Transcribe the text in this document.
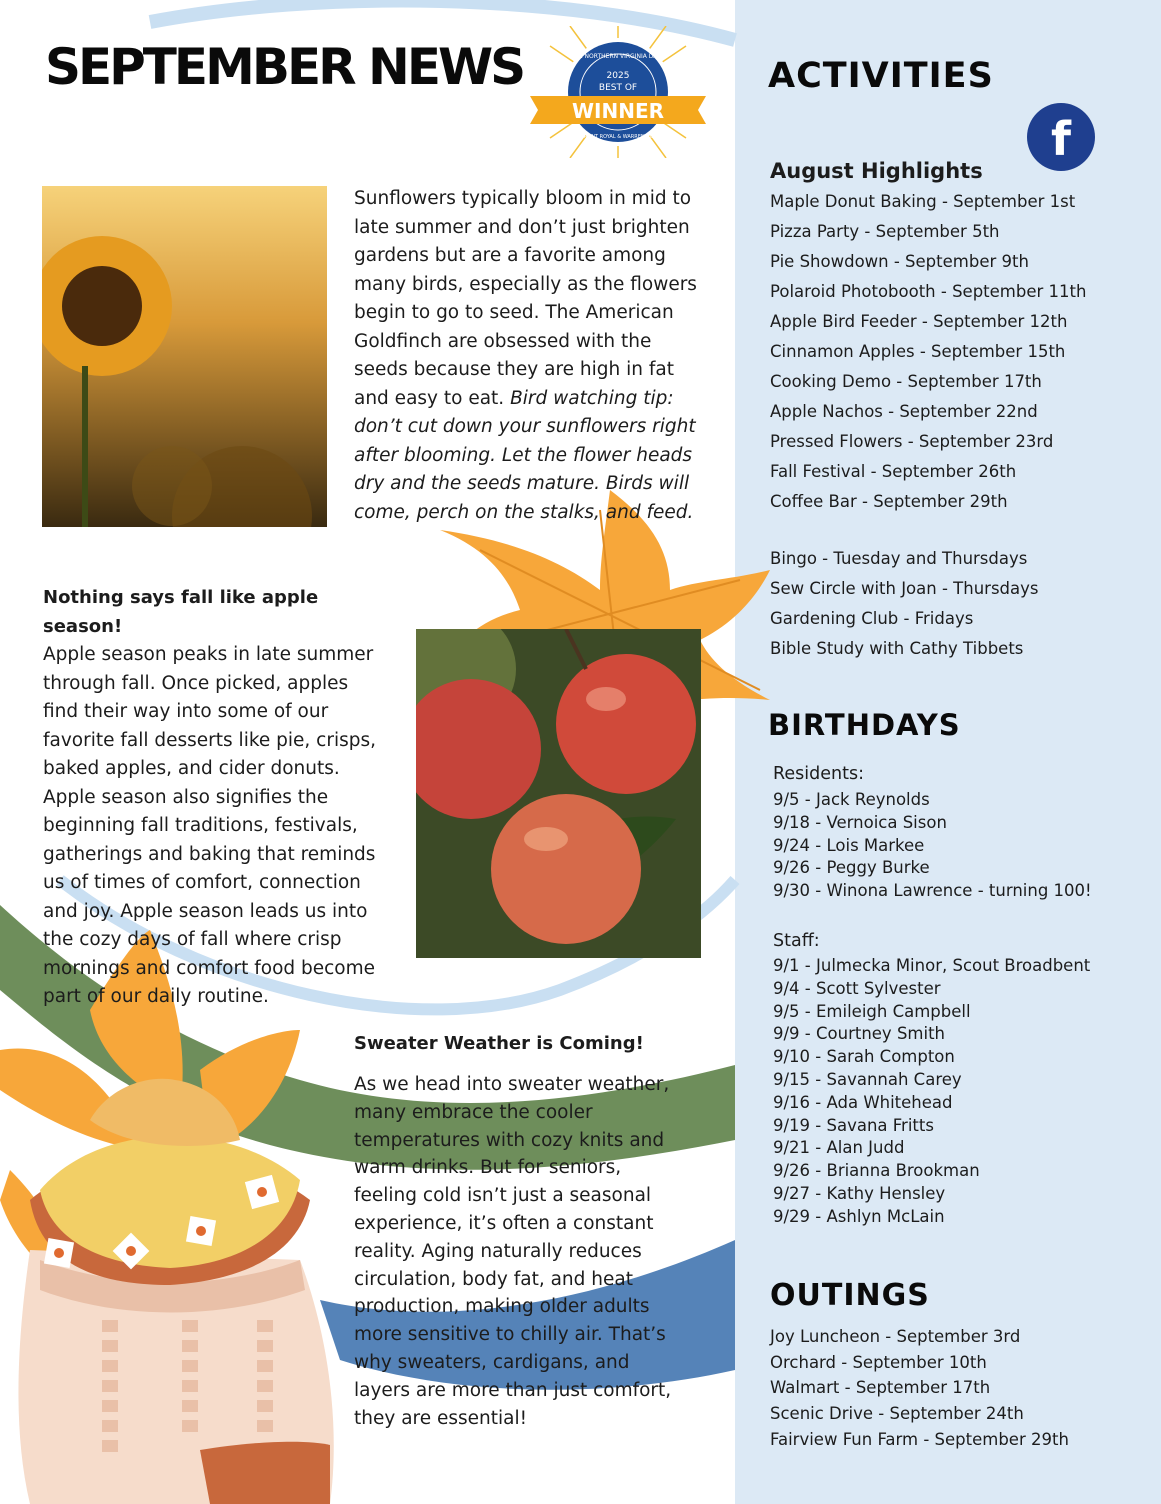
SEPTEMBER NEWS	THE NORTHERN VIRGINIA DAILY
2025
BEST OF
WINNER
FRONT ROYAL & WARREN CO.
Sunflowers typically bloom in mid to
late summer and don’t just brighten
gardens but are a favorite among
many birds, especially as the flowers
begin to go to seed. The American
Goldfinch are obsessed with the
seeds because they are high in fat
and easy to eat. Bird watching tip:
don’t cut down your sunflowers right
after blooming. Let the flower heads
dry and the seeds mature. Birds will
come, perch on the stalks, and feed.
Nothing says fall like apple season!
Apple season peaks in late summer
through fall. Once picked, apples
find their way into some of our
favorite fall desserts like pie, crisps,
baked apples, and cider donuts.
Apple season also signifies the
beginning fall traditions, festivals,
gatherings and baking that reminds
us of times of comfort, connection
and joy. Apple season leads us into
the cozy days of fall where crisp
mornings and comfort food become
part of our daily routine.
Sweater Weather is Coming!
As we head into sweater weather,
many embrace the cooler
temperatures with cozy knits and
warm drinks. But for seniors,
feeling cold isn’t just a seasonal
experience, it’s often a constant
reality. Aging naturally reduces
circulation, body fat, and heat
production, making older adults
more sensitive to chilly air. That’s
why sweaters, cardigans, and
layers are more than just comfort,
they are essential!
ACTIVITIES
f
August Highlights
Maple Donut Baking - September 1st
Pizza Party - September 5th
Pie Showdown - September 9th
Polaroid Photobooth - September 11th
Apple Bird Feeder - September 12th
Cinnamon Apples - September 15th
Cooking Demo - September 17th
Apple Nachos - September 22nd
Pressed Flowers - September 23rd
Fall Festival - September 26th
Coffee Bar - September 29th
Bingo - Tuesday and Thursdays
Sew Circle with Joan - Thursdays
Gardening Club - Fridays
Bible Study with Cathy Tibbets
BIRTHDAYS
Residents:
9/5 - Jack Reynolds
9/18 - Vernoica Sison
9/24 - Lois Markee
9/26 - Peggy Burke
9/30 - Winona Lawrence - turning 100!
Staff:
9/1 - Julmecka Minor, Scout Broadbent
9/4 - Scott Sylvester
9/5 - Emileigh Campbell
9/9 - Courtney Smith
9/10 - Sarah Compton
9/15 - Savannah Carey
9/16 - Ada Whitehead
9/19 - Savana Fritts
9/21 - Alan Judd
9/26 - Brianna Brookman
9/27 - Kathy Hensley
9/29 - Ashlyn McLain
OUTINGS
Joy Luncheon - September 3rd
Orchard - September 10th
Walmart - September 17th
Scenic Drive - September 24th
Fairview Fun Farm - September 29th
